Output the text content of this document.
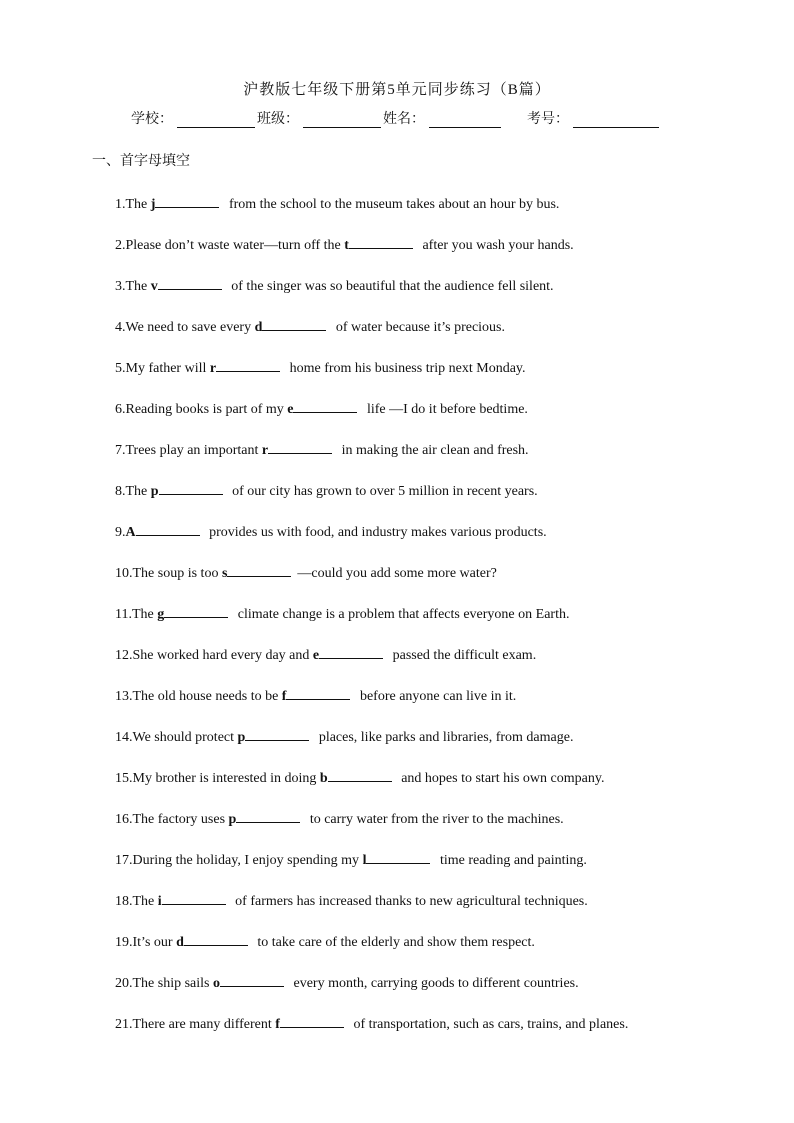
沪教版七年级下册第5单元同步练习（B篇）
学校：	班级：	姓名：	考号：
一、首字母填空
1.The j	from the school to the museum takes about an hour by bus.
2.Please don’t waste water—turn off the t	after you wash your hands.
3.The v	of the singer was so beautiful that the audience fell silent.
4.We need to save every d	of water because it’s precious.
5.My father will r	home from his business trip next Monday.
6.Reading books is part of my e	life —I do it before bedtime.
7.Trees play an important r	in making the air clean and fresh.
8.The p	of our city has grown to over 5 million in recent years.
9.A	provides us with food, and industry makes various products.
10.The soup is too s	—could you add some more water?
11.The g	climate change is a problem that affects everyone on Earth.
12.She worked hard every day and e	passed the difficult exam.
13.The old house needs to be f	before anyone can live in it.
14.We should protect p	places, like parks and libraries, from damage.
15.My brother is interested in doing b	and hopes to start his own company.
16.The factory uses p	to carry water from the river to the machines.
17.During the holiday, I enjoy spending my l	time reading and painting.
18.The i	of farmers has increased thanks to new agricultural techniques.
19.It’s our d	to take care of the elderly and show them respect.
20.The ship sails o	every month, carrying goods to different countries.
21.There are many different f	of transportation, such as cars, trains, and planes.
